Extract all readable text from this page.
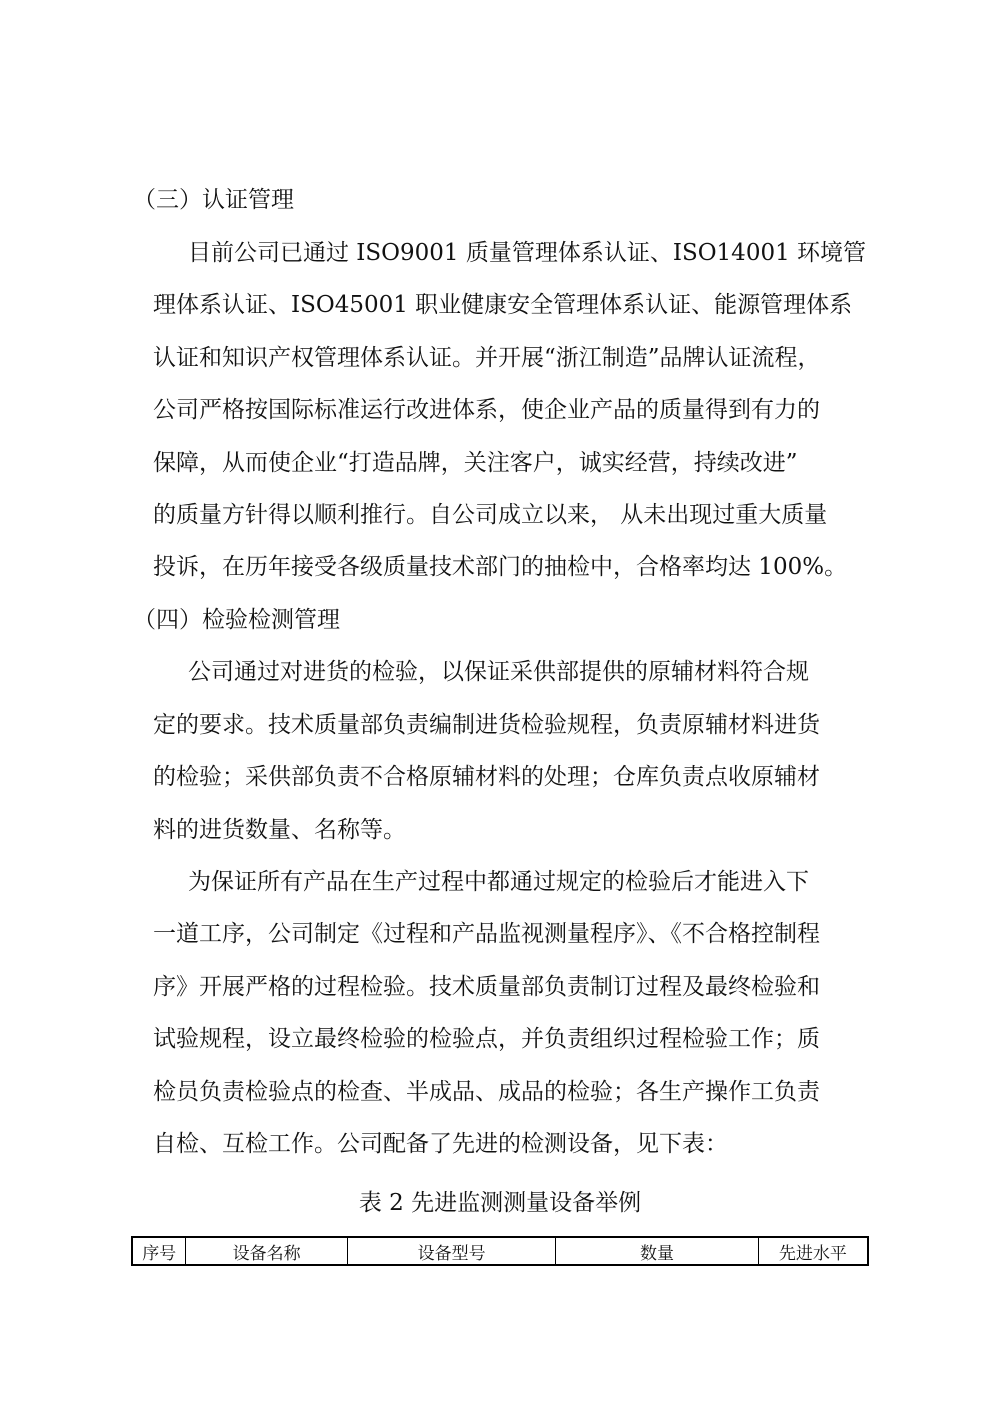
（三）认证管理
目前公司已通过 ISO9001 质量管理体系认证、ISO14001 环境管
理体系认证、ISO45001 职业健康安全管理体系认证、能源管理体系
认证和知识产权管理体系认证。并开展“浙江制造”品牌认证流程，
公司严格按国际标准运行改进体系，使企业产品的质量得到有力的
保障，从而使企业“打造品牌，关注客户，诚实经营，持续改进”
的质量方针得以顺利推行。自公司成立以来， 从未出现过重大质量
投诉，在历年接受各级质量技术部门的抽检中，合格率均达 100%。
（四）检验检测管理
公司通过对进货的检验，以保证采供部提供的原辅材料符合规
定的要求。技术质量部负责编制进货检验规程，负责原辅材料进货
的检验；采供部负责不合格原辅材料的处理；仓库负责点收原辅材
料的进货数量、名称等。
为保证所有产品在生产过程中都通过规定的检验后才能进入下
一道工序，公司制定《过程和产品监视测量程序》、《不合格控制程
序》开展严格的过程检验。技术质量部负责制订过程及最终检验和
试验规程，设立最终检验的检验点，并负责组织过程检验工作；质
检员负责检验点的检查、半成品、成品的检验；各生产操作工负责
自检、互检工作。公司配备了先进的检测设备，见下表：
表 2 先进监测测量设备举例
序号	设备名称	设备型号	数量	先进水平
